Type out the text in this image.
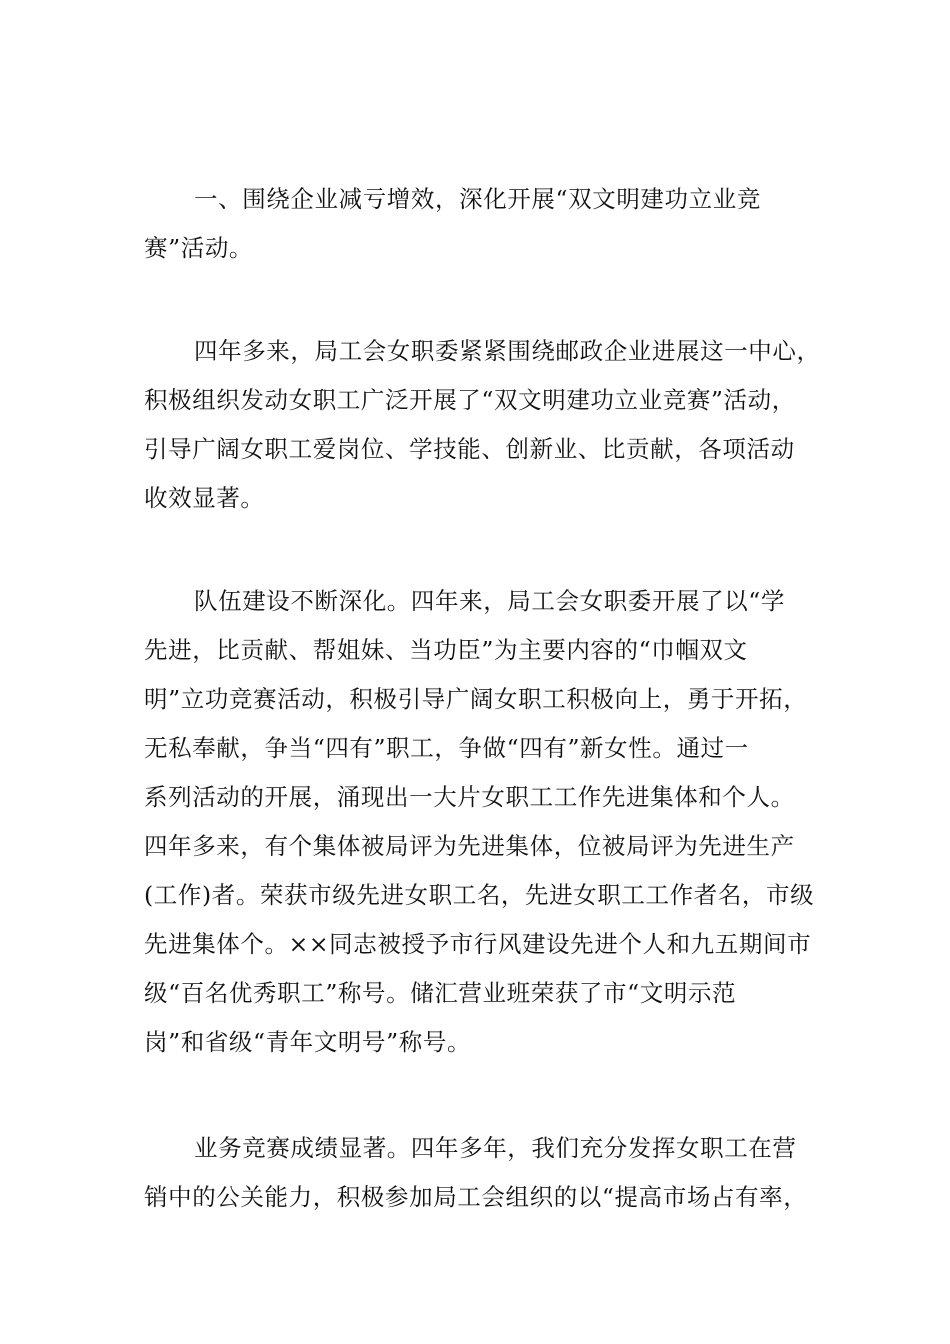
一、围绕企业减亏增效，深化开展“双文明建功立业竞
赛”活动。

四年多来，局工会女职委紧紧围绕邮政企业进展这一中心，
积极组织发动女职工广泛开展了“双文明建功立业竞赛”活动，
引导广阔女职工爱岗位、学技能、创新业、比贡献，各项活动
收效显著。

队伍建设不断深化。四年来，局工会女职委开展了以“学
先进，比贡献、帮姐妹、当功臣”为主要内容的“巾帼双文
明”立功竞赛活动，积极引导广阔女职工积极向上，勇于开拓，
无私奉献，争当“四有”职工，争做“四有”新女性。通过一
系列活动的开展，涌现出一大片女职工工作先进集体和个人。
四年多来，有个集体被局评为先进集体，位被局评为先进生产
(工作)者。荣获市级先进女职工名，先进女职工工作者名，市级
先进集体个。××同志被授予市行风建设先进个人和九五期间市
级“百名优秀职工”称号。储汇营业班荣获了市“文明示范
岗”和省级“青年文明号”称号。

业务竞赛成绩显著。四年多年，我们充分发挥女职工在营
销中的公关能力，积极参加局工会组织的以“提高市场占有率，
